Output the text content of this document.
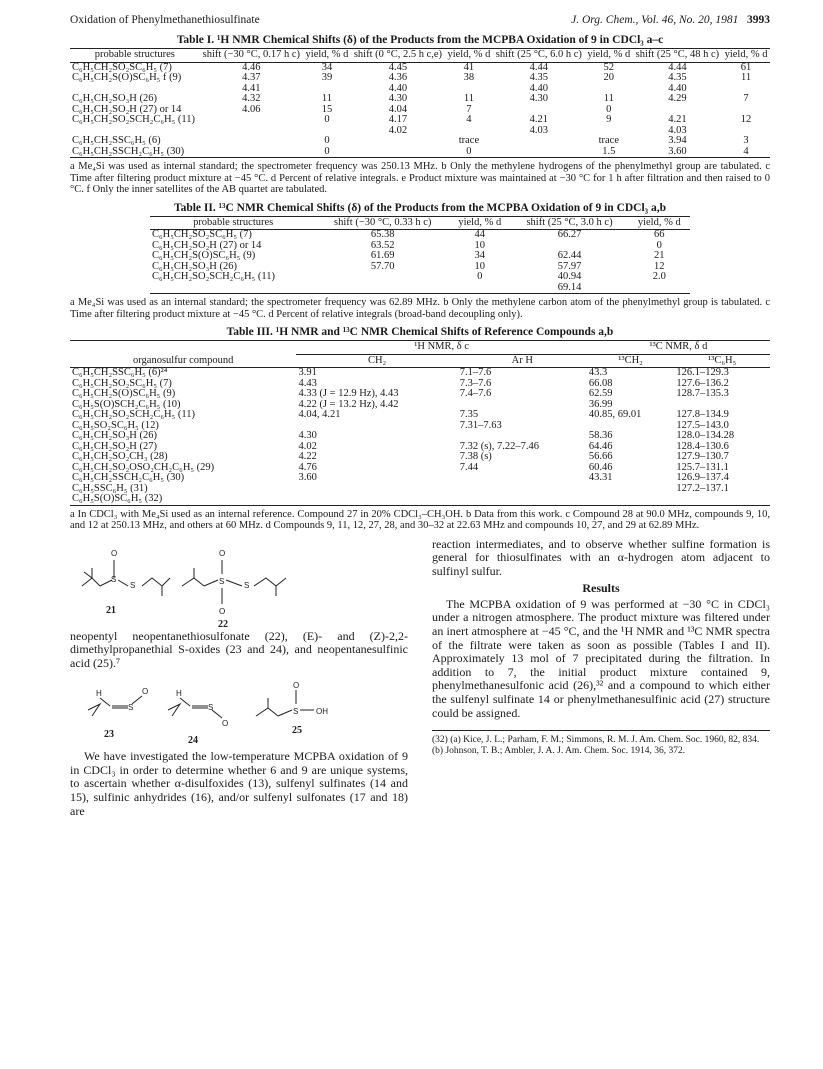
Oxidation of Phenylmethanethiosulfinate	J. Org. Chem., Vol. 46, No. 20, 1981 3993
Table I. ¹H NMR Chemical Shifts (δ) of the Products from the MCPBA Oxidation of 9 in CDCl₃ a–c
probable structures	shift (−30 °C, 0.17 h c)	yield, % d	shift (0 °C, 2.5 h c,e)	yield, % d	shift (25 °C, 6.0 h c)	yield, % d	shift (25 °C, 48 h c)	yield, % d
C₆H₅CH₂SO₂SC₆H₅ (7)	4.46	34	4.45	41	4.44	52	4.44	61
C₆H₅CH₂S(O)SC₆H₅ f (9)	4.37	39	4.36	38	4.35	20	4.35	11
	4.41		4.40		4.40		4.40	
C₆H₅CH₂SO₃H (26)	4.32	11	4.30	11	4.30	11	4.29	7
C₆H₅CH₂SO₂H (27) or 14	4.06	15	4.04	7		0		
C₆H₅CH₂SO₂SCH₂C₆H₅ (11)		0	4.17	4	4.21	9	4.21	12
			4.02		4.03		4.03	
C₆H₅CH₂SSC₆H₅ (6)		0		trace		trace	3.94	3
C₆H₅CH₂SSCH₂C₆H₅ (30)		0		0		1.5	3.60	4
a Me₄Si was used as internal standard; the spectrometer frequency was 250.13 MHz. b Only the methylene hydrogens of the phenylmethyl group are tabulated. c Time after filtering product mixture at −45 °C. d Percent of relative integrals. e Product mixture was maintained at −30 °C for 1 h after filtration and then raised to 0 °C. f Only the inner satellites of the AB quartet are tabulated.
Table II. ¹³C NMR Chemical Shifts (δ) of the Products from the MCPBA Oxidation of 9 in CDCl₃ a,b
probable structures	shift (−30 °C, 0.33 h c)	yield, % d	shift (25 °C, 3.0 h c)	yield, % d
C₆H₅CH₂SO₂SC₆H₅ (7)	65.38	44	66.27	66
C₆H₅CH₂SO₂H (27) or 14	63.52	10		0
C₆H₅CH₂S(O)SC₆H₅ (9)	61.69	34	62.44	21
C₆H₅CH₂SO₃H (26)	57.70	10	57.97	12
C₆H₅CH₂SO₂SCH₂C₆H₅ (11)		0	40.94	2.0
			69.14	
a Me₄Si was used as an internal standard; the spectrometer frequency was 62.89 MHz. b Only the methylene carbon atom of the phenylmethyl group is tabulated. c Time after filtering product mixture at −45 °C. d Percent of relative integrals (broad-band decoupling only).
Table III. ¹H NMR and ¹³C NMR Chemical Shifts of Reference Compounds a,b
	¹H NMR, δ c		¹³C NMR, δ d	
organosulfur compound	CH₂	Ar H	¹³CH₂	¹³C₆H₅
C₆H₅CH₂SSC₆H₅ (6)²⁴	3.91	7.1–7.6	43.3	126.1–129.3
C₆H₅CH₂SO₂SC₆H₅ (7)	4.43	7.3–7.6	66.08	127.6–136.2
C₆H₅CH₂S(O)SC₆H₅ (9)	4.33 (J = 12.9 Hz), 4.43	7.4–7.6	62.59	128.7–135.3
C₆H₅S(O)SCH₂C₆H₅ (10)	4.22 (J = 13.2 Hz), 4.42		36.99	
C₆H₅CH₂SO₂SCH₂C₆H₅ (11)	4.04, 4.21	7.35	40.85, 69.01	127.8–134.9
C₆H₅SO₂SC₆H₅ (12)		7.31–7.63		127.5–143.0
C₆H₅CH₂SO₃H (26)	4.30		58.36	128.0–134.28
C₆H₅CH₂SO₂H (27)	4.02	7.32 (s), 7.22–7.46	64.46	128.4–130.6
C₆H₅CH₂SO₂CH₃ (28)	4.22	7.38 (s)	56.66	127.9–130.7
C₆H₅CH₂SO₂OSO₂CH₂C₆H₅ (29)	4.76	7.44	60.46	125.7–131.1
C₆H₅CH₂SSCH₂C₆H₅ (30)	3.60		43.31	126.9–137.4
C₆H₅SSC₆H₅ (31)				127.2–137.1
C₆H₅S(O)SC₆H₅ (32)				
a In CDCl₃ with Me₄Si used as an internal reference. Compound 27 in 20% CDCl₃–CH₃OH. b Data from this work. c Compound 28 at 90.0 MHz, compounds 9, 10, and 12 at 250.13 MHz, and others at 60 MHz. d Compounds 9, 11, 12, 27, 28, and 30–32 at 22.63 MHz and compounds 10, 27, and 29 at 62.89 MHz.
O
S
S
O
O
S S
21
22

neopentyl neopentanethiosulfonate (22), (E)- and (Z)-2,2-dimethylpropanethial S-oxides (23 and 24), and neopentanesulfinic acid (25).⁷

H
S
O	H
S
O
O
S OH
23
24
25

We have investigated the low-temperature MCPBA oxidation of 9 in CDCl₃ in order to determine whether 6 and 9 are unique systems, to ascertain whether α-disulfoxides (13), sulfenyl sulfinates (14 and 15), sulfinic anhydrides (16), and/or sulfenyl sulfonates (17 and 18) are

reaction intermediates, and to observe whether sulfine formation is general for thiosulfinates with an α-hydrogen atom adjacent to sulfinyl sulfur.

Results

The MCPBA oxidation of 9 was performed at −30 °C in CDCl₃ under a nitrogen atmosphere. The product mixture was filtered under an inert atmosphere at −45 °C, and the ¹H NMR and ¹³C NMR spectra of the filtrate were taken as soon as possible (Tables I and II). Approximately 13 mol of 7 precipitated during the filtration. In addition to 7, the initial product mixture contained 9, phenylmethanesulfonic acid (26),³² and a compound to which either the sulfenyl sulfinate 14 or phenylmethanesulfinic acid (27) structure could be assigned.

(32) (a) Kice, J. L.; Parham, F. M.; Simmons, R. M. J. Am. Chem. Soc. 1960, 82, 834. (b) Johnson, T. B.; Ambler, J. A. J. Am. Chem. Soc. 1914, 36, 372.
